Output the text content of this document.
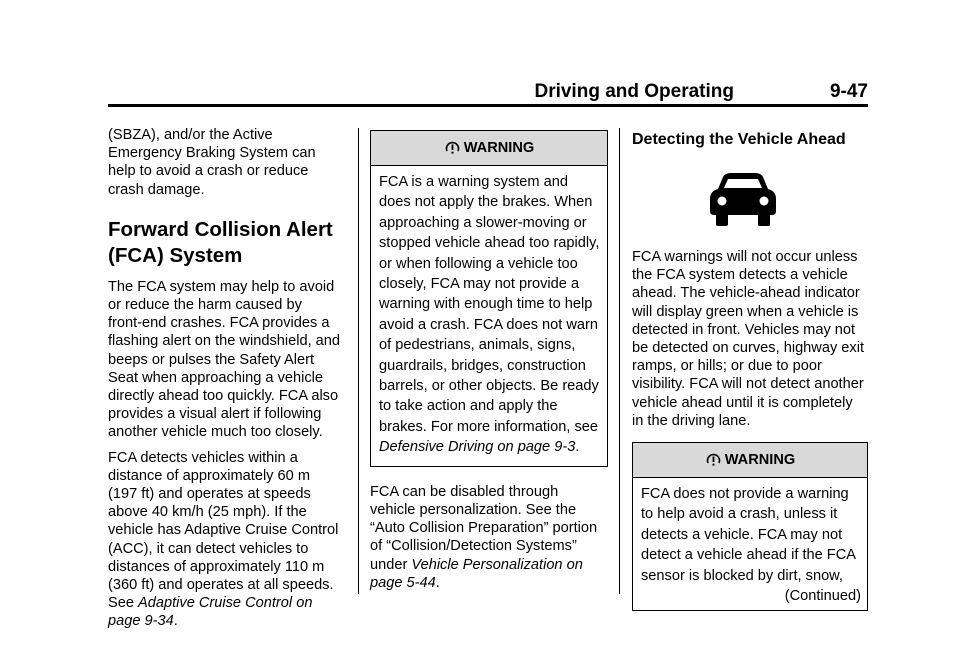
Driving and Operating	9-47

(SBZA), and/or the Active
Emergency Braking System can
help to avoid a crash or reduce
crash damage.

Forward Collision Alert
(FCA) System

The FCA system may help to avoid
or reduce the harm caused by
front-end crashes. FCA provides a
flashing alert on the windshield, and
beeps or pulses the Safety Alert
Seat when approaching a vehicle
directly ahead too quickly. FCA also
provides a visual alert if following
another vehicle much too closely.

FCA detects vehicles within a
distance of approximately 60 m
(197 ft) and operates at speeds
above 40 km/h (25 mph). If the
vehicle has Adaptive Cruise Control
(ACC), it can detect vehicles to
distances of approximately 110 m
(360 ft) and operates at all speeds.
See Adaptive Cruise Control on
page 9-34.

WARNING
FCA is a warning system and
does not apply the brakes. When
approaching a slower-moving or
stopped vehicle ahead too rapidly,
or when following a vehicle too
closely, FCA may not provide a
warning with enough time to help
avoid a crash. FCA does not warn
of pedestrians, animals, signs,
guardrails, bridges, construction
barrels, or other objects. Be ready
to take action and apply the
brakes. For more information, see
Defensive Driving on page 9-3.

FCA can be disabled through
vehicle personalization. See the
“Auto Collision Preparation” portion
of “Collision/Detection Systems”
under Vehicle Personalization on
page 5-44.

Detecting the Vehicle Ahead

FCA warnings will not occur unless
the FCA system detects a vehicle
ahead. The vehicle-ahead indicator
will display green when a vehicle is
detected in front. Vehicles may not
be detected on curves, highway exit
ramps, or hills; or due to poor
visibility. FCA will not detect another
vehicle ahead until it is completely
in the driving lane.

WARNING
FCA does not provide a warning
to help avoid a crash, unless it
detects a vehicle. FCA may not
detect a vehicle ahead if the FCA
sensor is blocked by dirt, snow,

(Continued)
